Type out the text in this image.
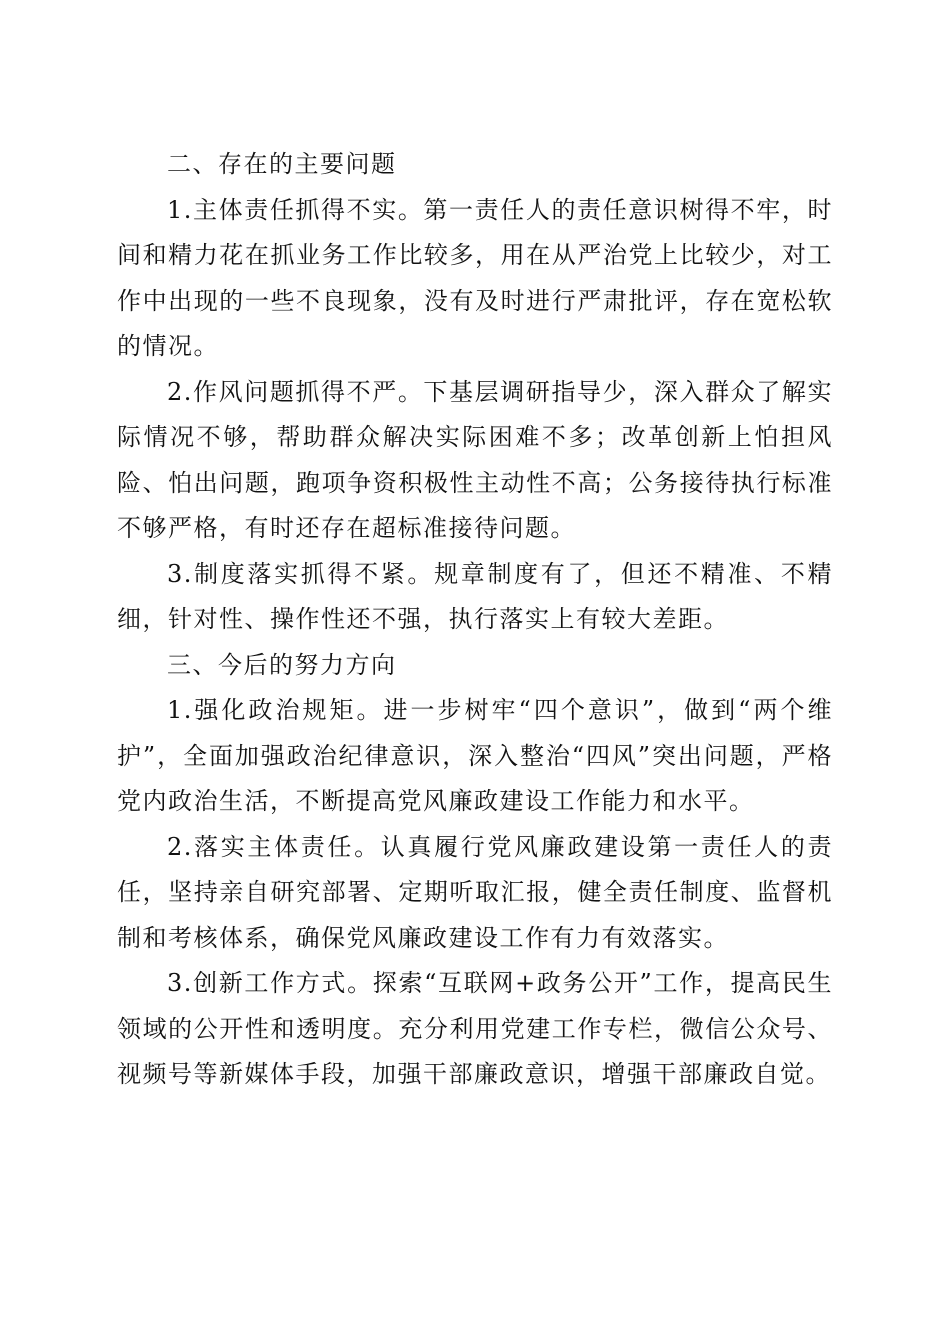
二、存在的主要问题

1.主体责任抓得不实。第一责任人的责任意识树得不牢，时间和精力花在抓业务工作比较多，用在从严治党上比较少，对工作中出现的一些不良现象，没有及时进行严肃批评，存在宽松软的情况。

2.作风问题抓得不严。下基层调研指导少，深入群众了解实际情况不够，帮助群众解决实际困难不多；改革创新上怕担风险、怕出问题，跑项争资积极性主动性不高；公务接待执行标准不够严格，有时还存在超标准接待问题。

3.制度落实抓得不紧。规章制度有了，但还不精准、不精细，针对性、操作性还不强，执行落实上有较大差距。

三、今后的努力方向

1.强化政治规矩。进一步树牢“四个意识”，做到“两个维护”，全面加强政治纪律意识，深入整治“四风”突出问题，严格党内政治生活，不断提高党风廉政建设工作能力和水平。

2.落实主体责任。认真履行党风廉政建设第一责任人的责任，坚持亲自研究部署、定期听取汇报，健全责任制度、监督机制和考核体系，确保党风廉政建设工作有力有效落实。

3.创新工作方式。探索“互联网+政务公开”工作，提高民生领域的公开性和透明度。充分利用党建工作专栏，微信公众号、视频号等新媒体手段，加强干部廉政意识，增强干部廉政自觉。
